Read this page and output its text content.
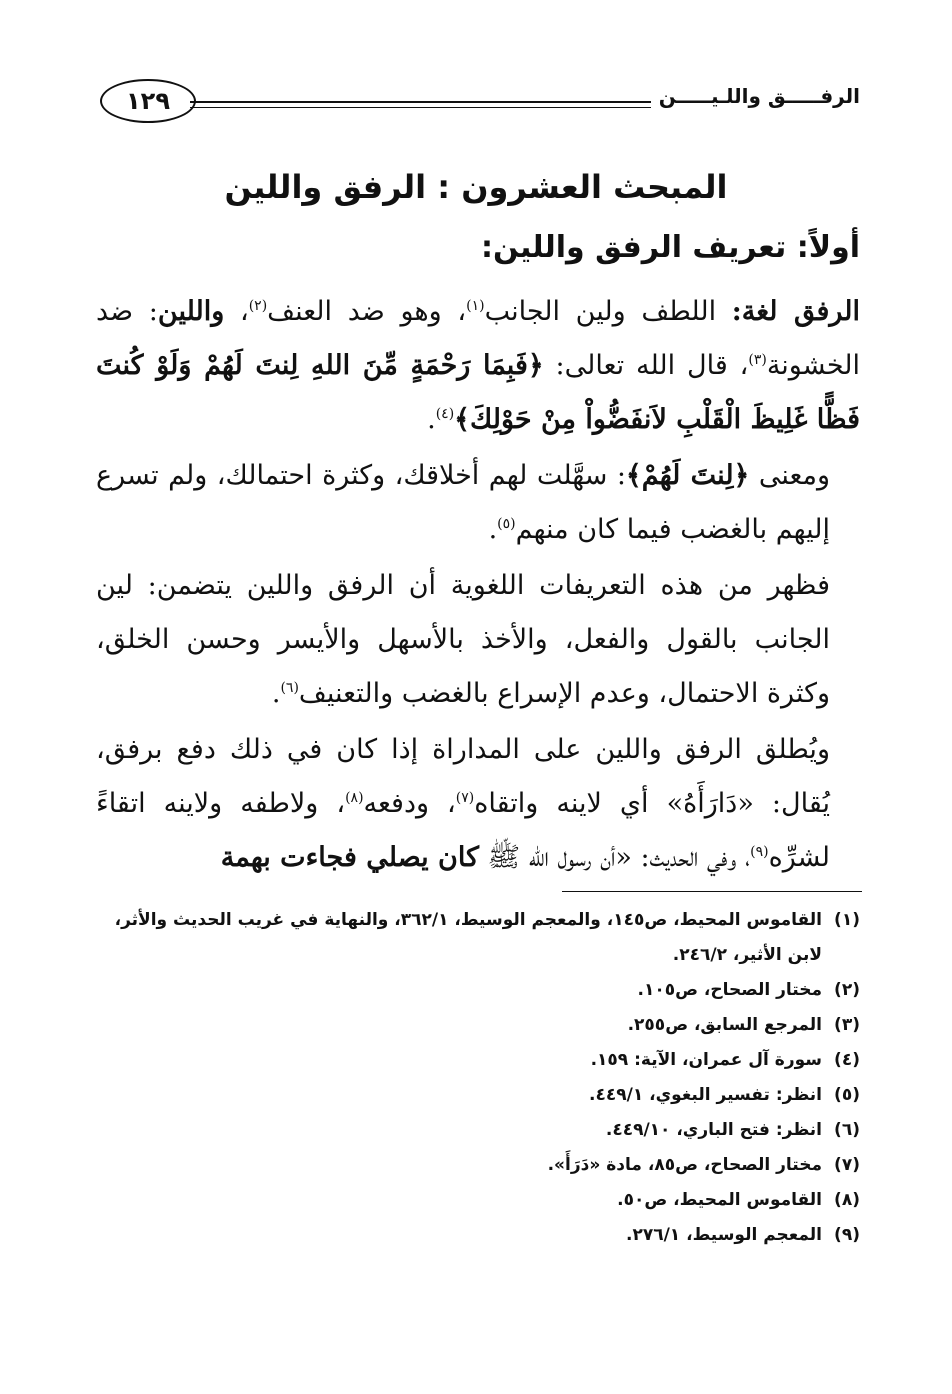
الرفـــــق واللـيـــــن
١٢٩
المبحث العشرون : الرفق واللين
أولاً: تعريف الرفق واللين:

الرفق لغة: اللطف ولين الجانب$^{(١)}$، وهو ضد العنف$^{(٢)}$، واللين: ضد الخشونة$^{(٣)}$، قال الله تعالى: ﴿فَبِمَا رَحْمَةٍ مِّنَ اللهِ لِنتَ لَهُمْ وَلَوْ كُنتَ فَظًّا غَلِيظَ الْقَلْبِ لاَنفَضُّواْ مِنْ حَوْلِكَ﴾$^{(٤)}$.

ومعنى ﴿لِنتَ لَهُمْ﴾: سهَّلت لهم أخلاقك، وكثرة احتمالك، ولم تسرع إليهم بالغضب فيما كان منهم$^{(٥)}$.

فظهر من هذه التعريفات اللغوية أن الرفق واللين يتضمن: لين الجانب بالقول والفعل، والأخذ بالأسهل والأيسر وحسن الخلق، وكثرة الاحتمال، وعدم الإسراع بالغضب والتعنيف$^{(٦)}$.

ويُطلق الرفق واللين على المداراة إذا كان في ذلك دفع برفق، يُقال: «دَارَأَهُ» أي لاينه واتقاه$^{(٧)}$، ودفعه$^{(٨)}$، ولاطفه ولاينه اتقاءً لشرِّه$^{(٩)}$، وفي الحديث: «أن رسول الله ﷺ كان يصلي فجاءت بهمة

(١)
القاموس المحيط، ص١٤٥، والمعجم الوسيط، ٣٦٢/١، والنهاية في غريب الحديث والأثر، لابن الأثير، ٢٤٦/٢.
(٢)
مختار الصحاح، ص١٠٥.
(٣)
المرجع السابق، ص٢٥٥.
(٤)
سورة آل عمران، الآية: ١٥٩.
(٥)
انظر: تفسير البغوي، ٤٤٩/١.
(٦)
انظر: فتح الباري، ٤٤٩/١٠.
(٧)
مختار الصحاح، ص٨٥، مادة «دَرَأَ».
(٨)
القاموس المحيط، ص٥٠.
(٩)
المعجم الوسيط، ٢٧٦/١.
